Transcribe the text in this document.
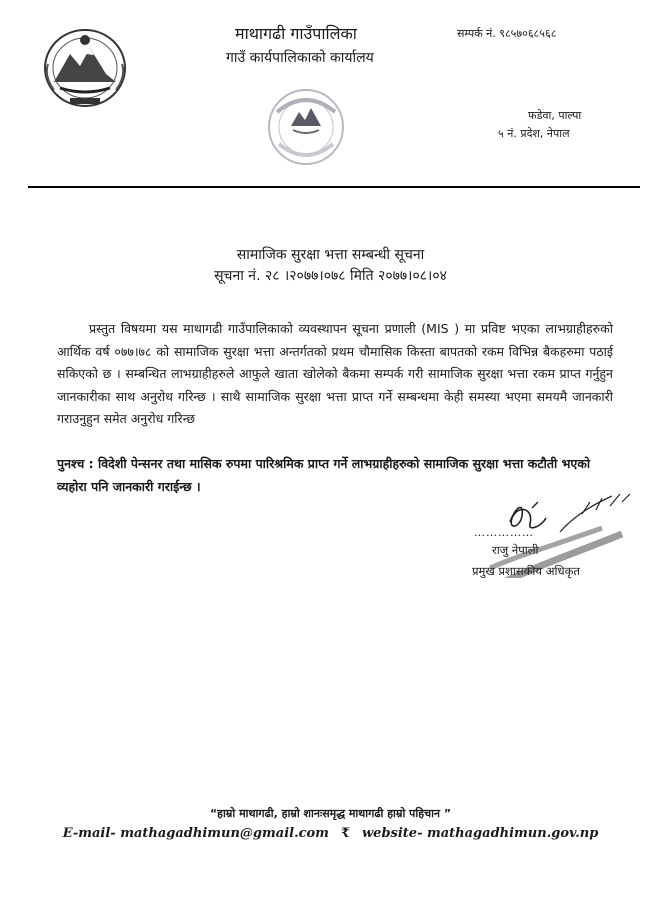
माथागढी गाउँपालिका
गाउँ कार्यपालिकाको कार्यालय
सम्पर्क नं. ९८५७०६८५६८
फडेवा, पाल्पा
५ नं. प्रदेश, नेपाल
सामाजिक सुरक्षा भत्ता सम्बन्धी सूचना
सूचना नं. २८ ।२०७७।०७८ मिति २०७७।०८।०४

प्रस्तुत विषयमा यस माथागढी गाउँपालिकाको व्यवस्थापन सूचना प्रणाली (MIS ) मा प्रविष्ट भएका लाभग्राहीहरुको आर्थिक वर्ष ०७७।७८ को सामाजिक सुरक्षा भत्ता अन्तर्गतको प्रथम चौमासिक किस्ता बापतको रकम विभिन्न बैकहरुमा पठाई सकिएको छ । सम्बन्धित लाभग्राहीहरुले आफुले खाता खोलेको बैकमा सम्पर्क गरी सामाजिक सुरक्षा भत्ता रकम प्राप्त गर्नुहुन जानकारीका साथ अनुरोध गरिन्छ । साथै सामाजिक सुरक्षा भत्ता प्राप्त गर्ने सम्बन्धमा केही समस्या भएमा समयमै जानकारी गराउनुहुन समेत अनुरोध गरिन्छ

पुनश्च : विदेशी पेन्सनर तथा मासिक रुपमा पारिश्रमिक प्राप्त गर्ने लाभग्राहीहरुको सामाजिक सुरक्षा भत्ता कटौती भएको व्यहोरा पनि जानकारी गराईन्छ ।

……………
राजु नेपाली
प्रमुख प्रशासकीय अधिकृत
“हाम्रो माथागढी, हाम्रो शानःसमृद्ध माथागढी हाम्रो पहिचान ”
E-mail- mathagadhimun@gmail.com ₹ website- mathagadhimun.gov.np
